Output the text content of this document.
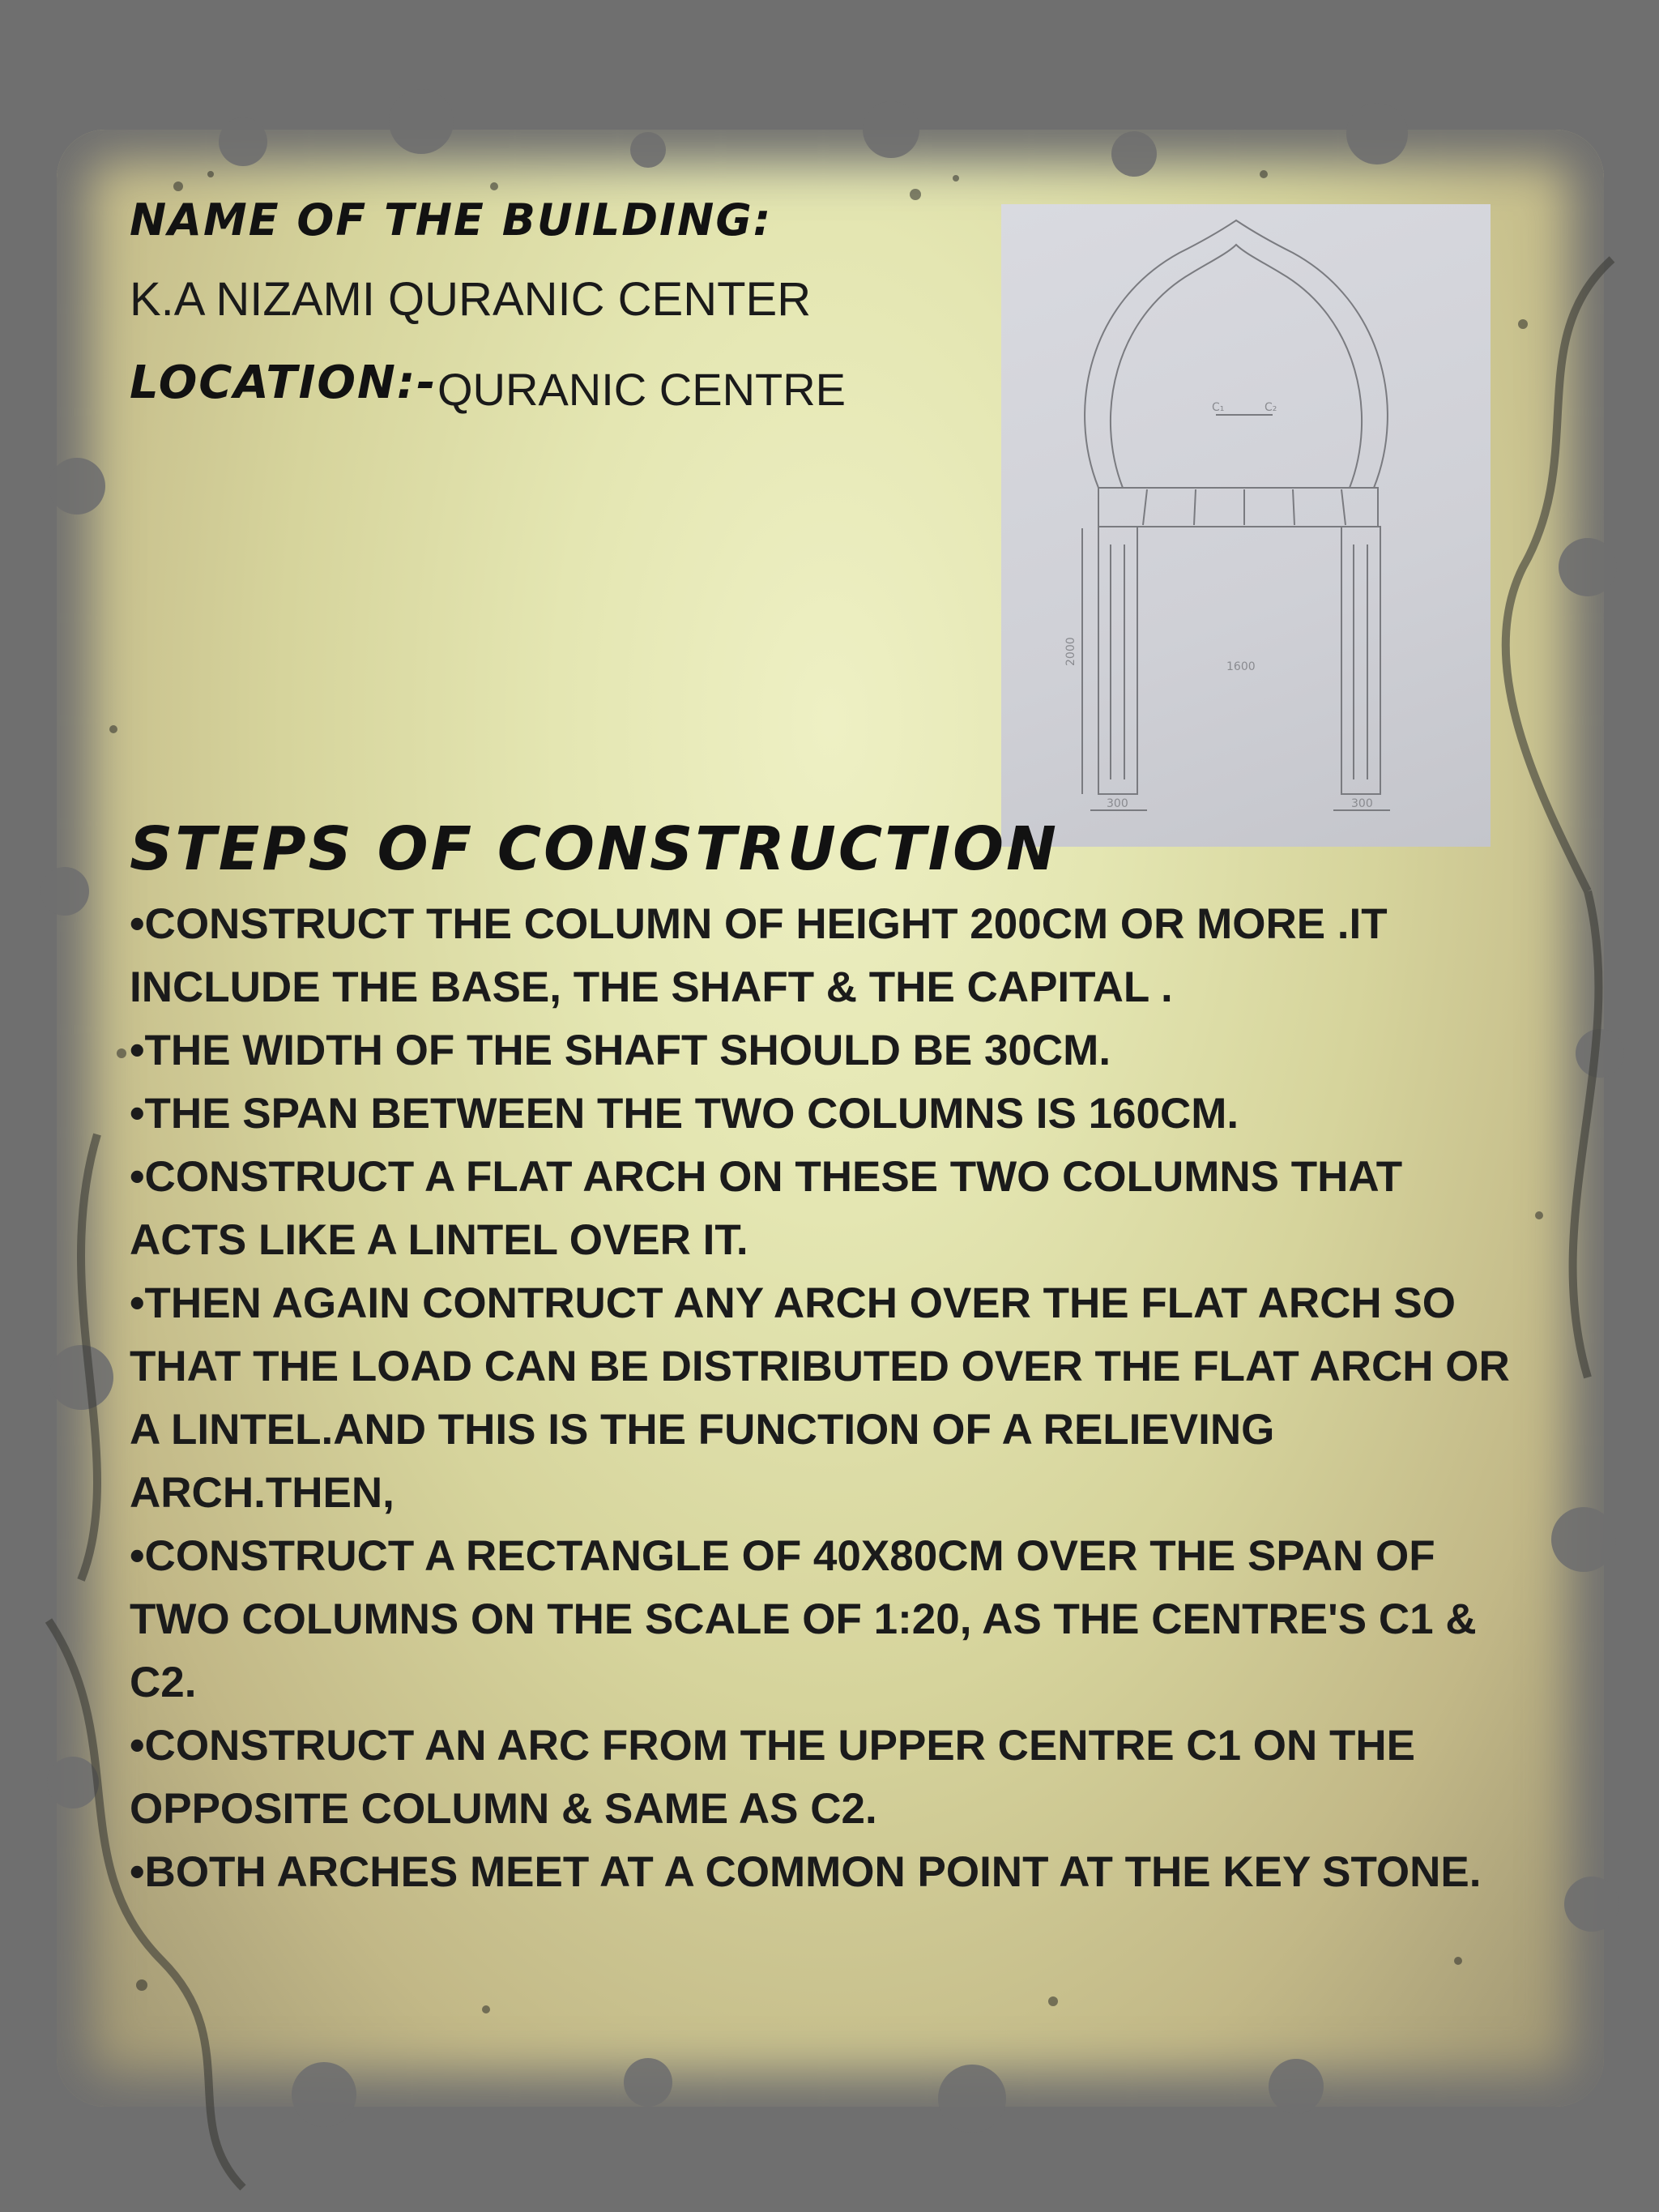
NAME OF THE BUILDING:
K.A NIZAMI QURANIC CENTER
LOCATION:- QURANIC CENTRE	C₁	C₂
1600
2000
300	300
STEPS OF CONSTRUCTION
•CONSTRUCT THE COLUMN OF HEIGHT 200CM OR MORE .IT INCLUDE THE BASE, THE SHAFT & THE CAPITAL .
•THE WIDTH OF THE SHAFT SHOULD BE 30CM.
•THE SPAN BETWEEN THE TWO COLUMNS IS 160CM.
•CONSTRUCT A FLAT ARCH ON THESE TWO COLUMNS THAT ACTS LIKE A LINTEL OVER IT.
•THEN AGAIN CONTRUCT ANY ARCH OVER THE FLAT ARCH SO THAT THE LOAD CAN BE DISTRIBUTED OVER THE FLAT ARCH OR A LINTEL.AND THIS IS THE FUNCTION OF A RELIEVING ARCH.THEN,
•CONSTRUCT A RECTANGLE OF 40X80CM OVER THE SPAN OF TWO COLUMNS ON THE SCALE OF 1:20, AS THE CENTRE'S C1 & C2.
•CONSTRUCT AN ARC FROM THE UPPER CENTRE C1 ON THE OPPOSITE COLUMN & SAME AS C2.
•BOTH ARCHES MEET AT A COMMON POINT AT THE KEY STONE.
